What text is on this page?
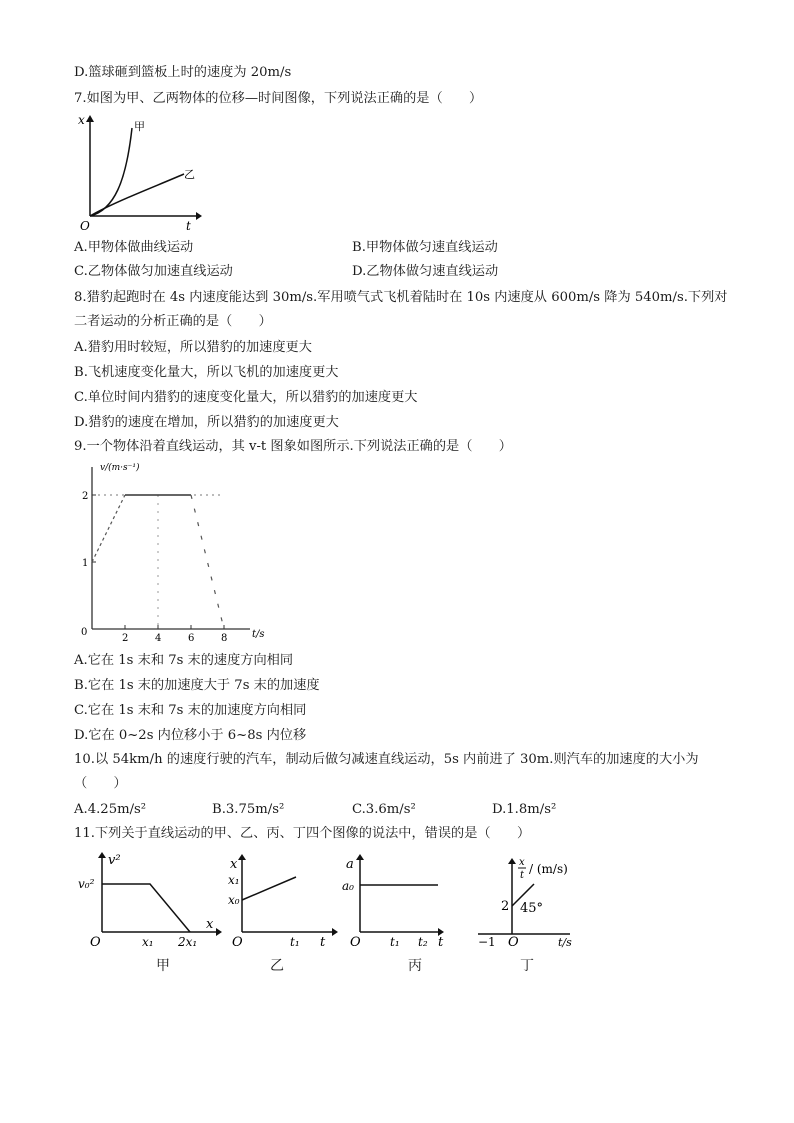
D.篮球砸到篮板上时的速度为 20m/s
7.如图为甲、乙两物体的位移—时间图像，下列说法正确的是（　　）
x
t
O
甲
乙
A.甲物体做曲线运动	B.甲物体做匀速直线运动
C.乙物体做匀加速直线运动	D.乙物体做匀速直线运动
8.猎豹起跑时在 4s 内速度能达到 30m/s.军用喷气式飞机着陆时在 10s 内速度从 600m/s 降为 540m/s.下列对
二者运动的分析正确的是（　　）
A.猎豹用时较短，所以猎豹的加速度更大
B.飞机速度变化量大，所以飞机的加速度更大
C.单位时间内猎豹的速度变化量大，所以猎豹的加速度更大
D.猎豹的速度在增加，所以猎豹的加速度更大
9.一个物体沿着直线运动，其 v-t 图象如图所示.下列说法正确的是（　　）
v/(m·s⁻¹)
t/s
0
1
2
2	4	6	8
A.它在 1s 末和 7s 末的速度方向相同
B.它在 1s 末的加速度大于 7s 末的加速度
C.它在 1s 末和 7s 末的加速度方向相同
D.它在 0~2s 内位移小于 6~8s 内位移
10.以 54km/h 的速度行驶的汽车，制动后做匀减速直线运动，5s 内前进了 30m.则汽车的加速度的大小为
（　　）
A.4.25m/s²	B.3.75m/s²	C.3.6m/s²	D.1.8m/s²
11.下列关于直线运动的甲、乙、丙、丁四个图像的说法中，错误的是（　　）
v²
x
O
v₀²
x₁ 2x₁
x
t
O
x₁
x₀
t₁
a
t
O
a₀
t₁ t₂
x
t / (m/s)
t/s
O
−1
2 45°
甲	乙	丙	丁
